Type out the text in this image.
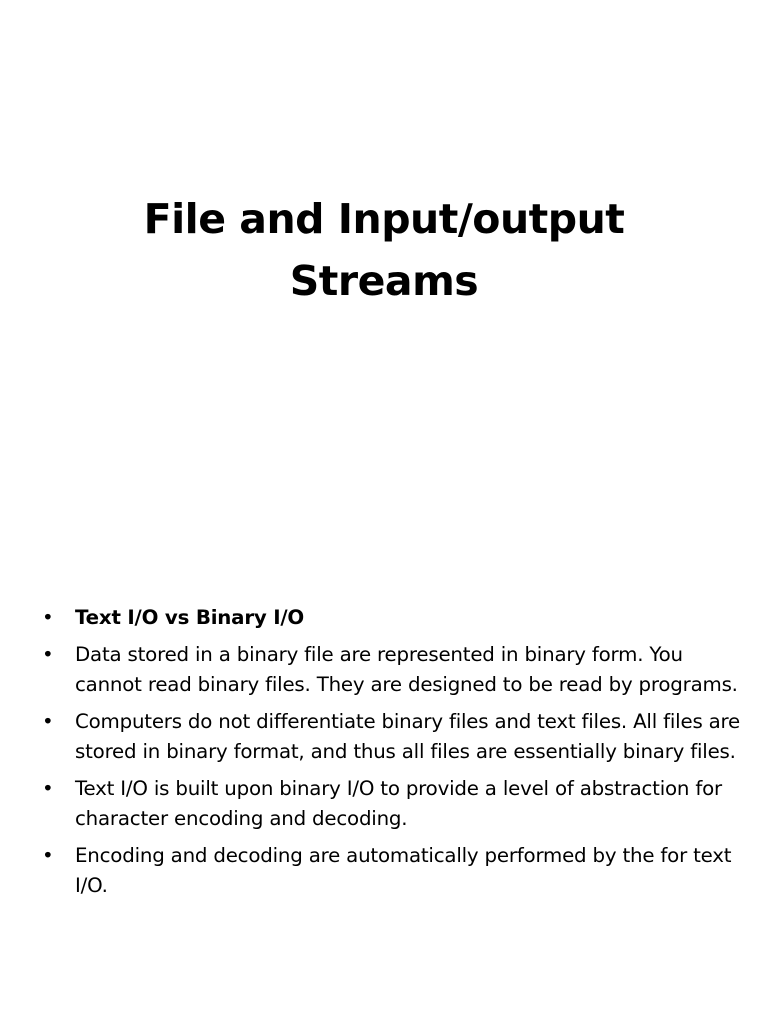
File and Input/output
Streams
• Text I/O vs Binary I/O
• Data stored in a binary file are represented in binary form. You cannot read binary files. They are designed to be read by programs.
• Computers do not differentiate binary files and text files. All files are stored in binary format, and thus all files are essentially binary files.
• Text I/O is built upon binary I/O to provide a level of abstraction for character encoding and decoding.
• Encoding and decoding are automatically performed by the for text I/O.
